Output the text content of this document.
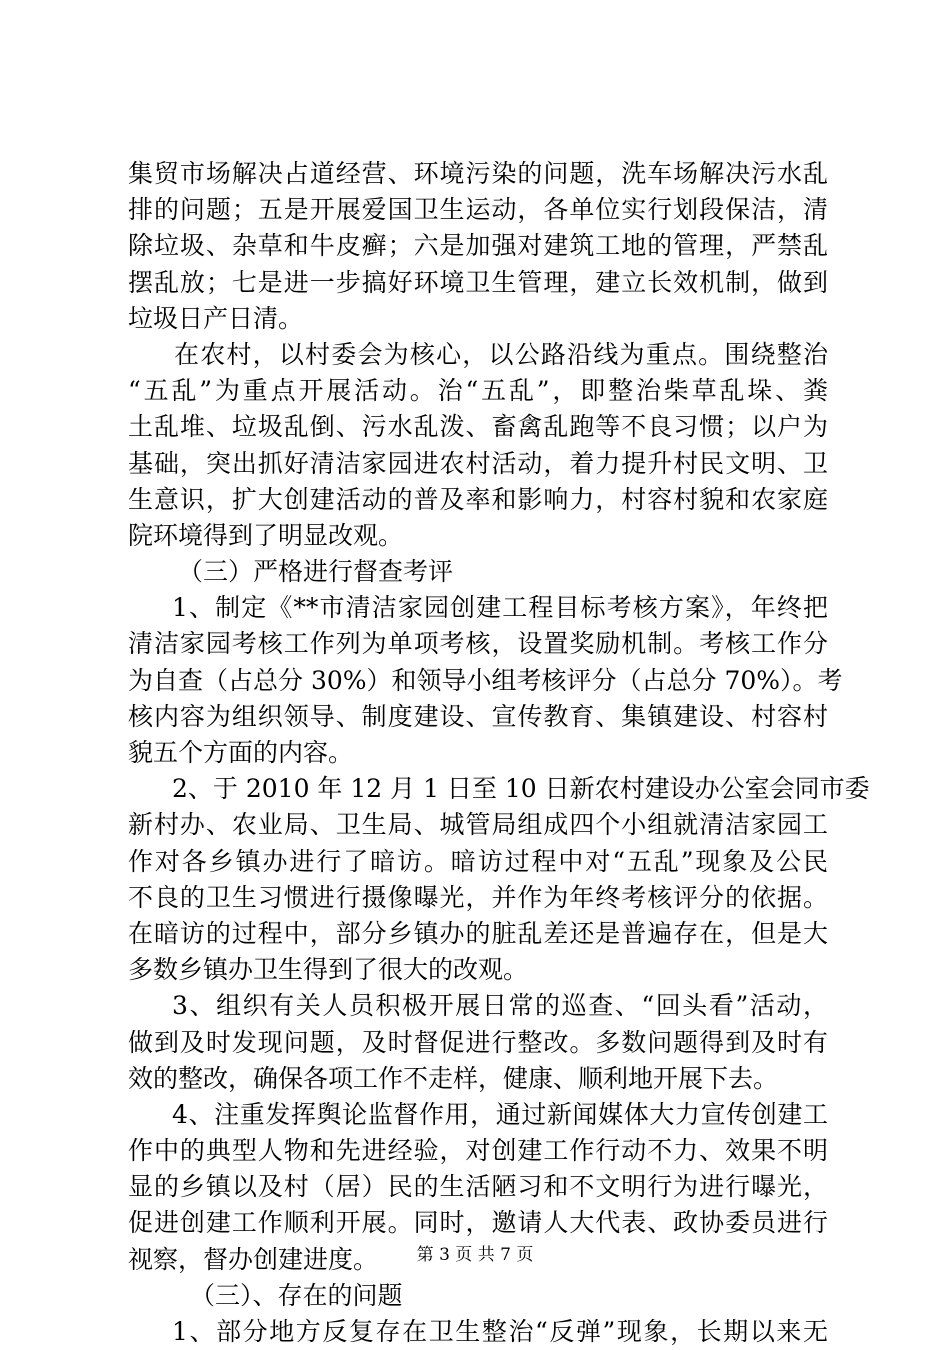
集贸市场解决占道经营、环境污染的问题，洗车场解决污水乱
排的问题；五是开展爱国卫生运动，各单位实行划段保洁，清
除垃圾、杂草和牛皮癣；六是加强对建筑工地的管理，严禁乱
摆乱放；七是进一步搞好环境卫生管理，建立长效机制，做到
垃圾日产日清。
在农村，以村委会为核心，以公路沿线为重点。围绕整治
“五乱”为重点开展活动。治“五乱”，即整治柴草乱垛、粪
土乱堆、垃圾乱倒、污水乱泼、畜禽乱跑等不良习惯；以户为
基础，突出抓好清洁家园进农村活动，着力提升村民文明、卫
生意识，扩大创建活动的普及率和影响力，村容村貌和农家庭
院环境得到了明显改观。
（三）严格进行督查考评
1、制定《**市清洁家园创建工程目标考核方案》，年终把
清洁家园考核工作列为单项考核，设置奖励机制。考核工作分
为自查（占总分 30%）和领导小组考核评分（占总分 70%）。考
核内容为组织领导、制度建设、宣传教育、集镇建设、村容村
貌五个方面的内容。
2、于 2010 年 12 月 1 日至 10 日新农村建设办公室会同市委
新村办、农业局、卫生局、城管局组成四个小组就清洁家园工
作对各乡镇办进行了暗访。暗访过程中对“五乱”现象及公民
不良的卫生习惯进行摄像曝光，并作为年终考核评分的依据。
在暗访的过程中，部分乡镇办的脏乱差还是普遍存在，但是大
多数乡镇办卫生得到了很大的改观。
3、组织有关人员积极开展日常的巡查、“回头看”活动，
做到及时发现问题，及时督促进行整改。多数问题得到及时有
效的整改，确保各项工作不走样，健康、顺利地开展下去。
4、注重发挥舆论监督作用，通过新闻媒体大力宣传创建工
作中的典型人物和先进经验，对创建工作行动不力、效果不明
显的乡镇以及村（居）民的生活陋习和不文明行为进行曝光，
促进创建工作顺利开展。同时，邀请人大代表、政协委员进行
视察，督办创建进度。
（三）、存在的问题
1、部分地方反复存在卫生整治“反弹”现象，长期以来无
第 3 页 共 7 页
